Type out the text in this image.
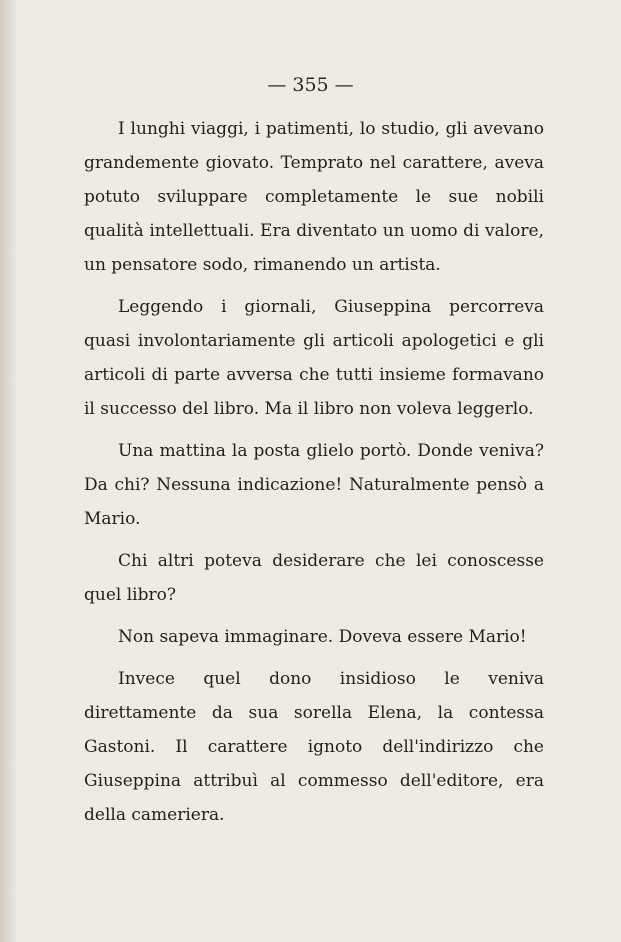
— 355 —

I lunghi viaggi, i patimenti, lo studio, gli avevano grandemente giovato. Temprato nel carattere, aveva potuto sviluppare completamente le sue nobili qualità intellettuali. Era diventato un uomo di valore, un pensatore sodo, rimanendo un artista.

Leggendo i giornali, Giuseppina percorreva quasi involontariamente gli articoli apologetici e gli articoli di parte avversa che tutti insieme formavano il successo del libro. Ma il libro non voleva leggerlo.

Una mattina la posta glielo portò. Donde veniva? Da chi? Nessuna indicazione! Naturalmente pensò a Mario.

Chi altri poteva desiderare che lei conoscesse quel libro?

Non sapeva immaginare. Doveva essere Mario!

Invece quel dono insidioso le veniva direttamente da sua sorella Elena, la contessa Gastoni. Il carattere ignoto dell'indirizzo che Giuseppina attribuì al commesso dell'editore, era della cameriera.
